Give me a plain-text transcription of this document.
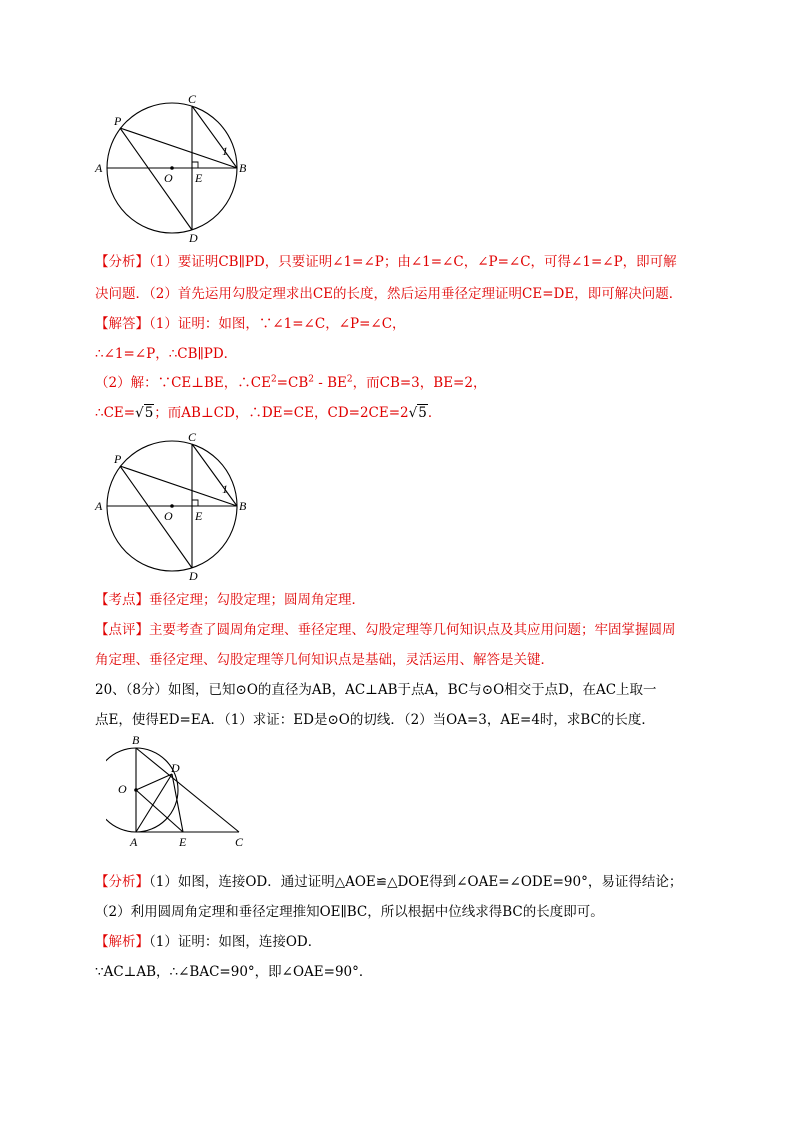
P
C
A
O E
B
D
1
【分析】（1）要证明CB∥PD，只要证明∠1=∠P；由∠1=∠C，∠P=∠C，可得∠1=∠P，即可解
决问题．（2）首先运用勾股定理求出CE的长度，然后运用垂径定理证明CE=DE，即可解决问题．
【解答】（1）证明：如图，∵∠1=∠C，∠P=∠C，
∴∠1=∠P，∴CB∥PD．
（2）解：∵CE⊥BE，$\therefore CE^2=CB^2 - BE^2$，而CB=3，BE=2，
∴CE=√5；而AB⊥CD，∴DE=CE，CD=2CE=2√5．
P
C
A
O E
B
D
1
【考点】垂径定理；勾股定理；圆周角定理．
【点评】主要考查了圆周角定理、垂径定理、勾股定理等几何知识点及其应用问题；牢固掌握圆周
角定理、垂径定理、勾股定理等几何知识点是基础，灵活运用、解答是关键．
20、（8分）如图，已知⊙O的直径为AB，AC⊥AB于点A，BC与⊙O相交于点D，在AC上取一
点E，使得ED=EA．（1）求证：ED是⊙O的切线．（2）当OA=3，AE=4时，求BC的长度．
B
D
O
A	E	C
【分析】（1）如图，连接OD．通过证明△AOE≌△DOE得到∠OAE=∠ODE=90°，易证得结论；
（2）利用圆周角定理和垂径定理推知OE∥BC，所以根据中位线求得BC的长度即可。
【解析】（1）证明：如图，连接OD．
∵AC⊥AB，∴∠BAC=90°，即∠OAE=90°．
